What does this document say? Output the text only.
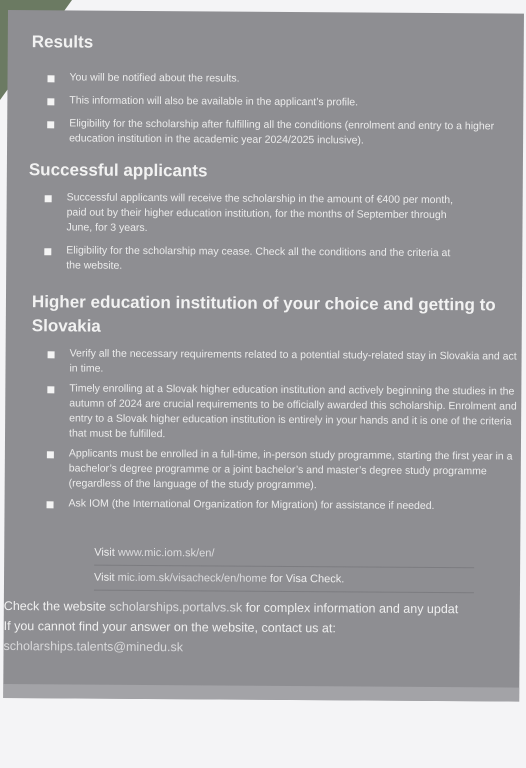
Results
You will be notified about the results.
This information will also be available in the applicant’s profile.
Eligibility for the scholarship after fulfilling all the conditions (enrolment and entry to a higher education institution in the academic year 2024/2025 inclusive).
Successful applicants
Successful applicants will receive the scholarship in the amount of €400 per month, paid out by their higher education institution, for the months of September through June, for 3 years.
Eligibility for the scholarship may cease. Check all the conditions and the criteria at the website.
Higher education institution of your choice and getting to Slovakia
Verify all the necessary requirements related to a potential study-related stay in Slovakia and act in time.
Timely enrolling at a Slovak higher education institution and actively beginning the studies in the autumn of 2024 are crucial requirements to be officially awarded this scholarship. Enrolment and entry to a Slovak higher education institution is entirely in your hands and it is one of the criteria that must be fulfilled.
Applicants must be enrolled in a full-time, in-person study programme, starting the first year in a bachelor’s degree programme or a joint bachelor’s and master’s degree study programme (regardless of the language of the study programme).
Ask IOM (the International Organization for Migration) for assistance if needed.
Visit www.mic.iom.sk/en/
Visit mic.iom.sk/visacheck/en/home for Visa Check.
Check the website scholarships.portalvs.sk for complex information and any updat
If you cannot find your answer on the website, contact us at:
scholarships.talents@minedu.sk
